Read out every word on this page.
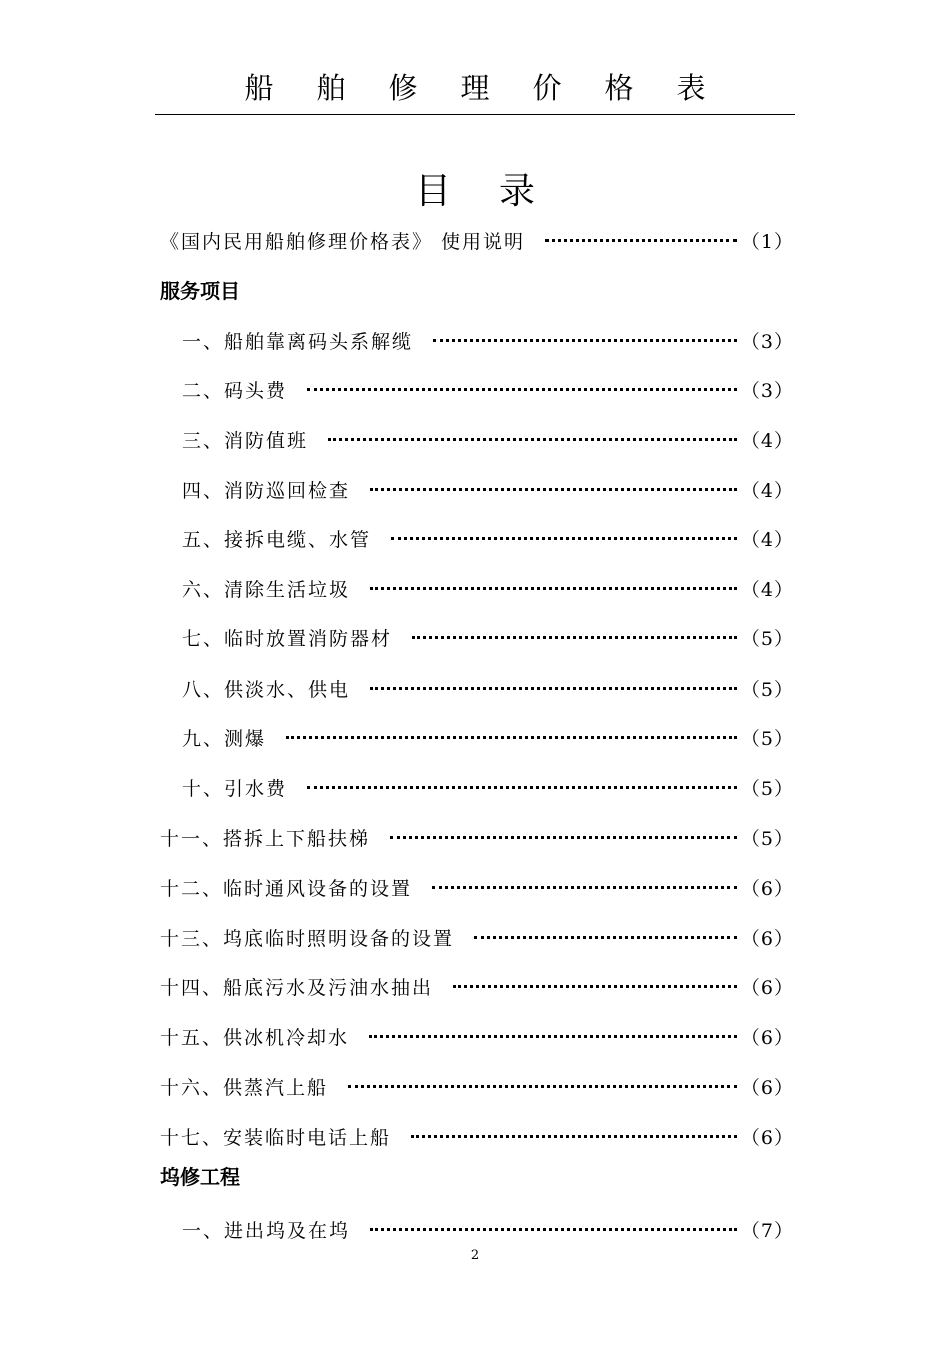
船舶修理价格表
目录
《国内民用船舶修理价格表》 使用说明	（1）
服务项目
一、船舶靠离码头系解缆	（3）
二、码头费	（3）
三、消防值班	（4）
四、消防巡回检查	（4）
五、接拆电缆、水管	（4）
六、清除生活垃圾	（4）
七、临时放置消防器材	（5）
八、供淡水、供电	（5）
九、测爆	（5）
十、引水费	（5）
十一、搭拆上下船扶梯	（5）
十二、临时通风设备的设置	（6）
十三、坞底临时照明设备的设置	（6）
十四、船底污水及污油水抽出	（6）
十五、供冰机冷却水	（6）
十六、供蒸汽上船	（6）
十七、安装临时电话上船	（6）
坞修工程
一、进出坞及在坞	（7）
2
